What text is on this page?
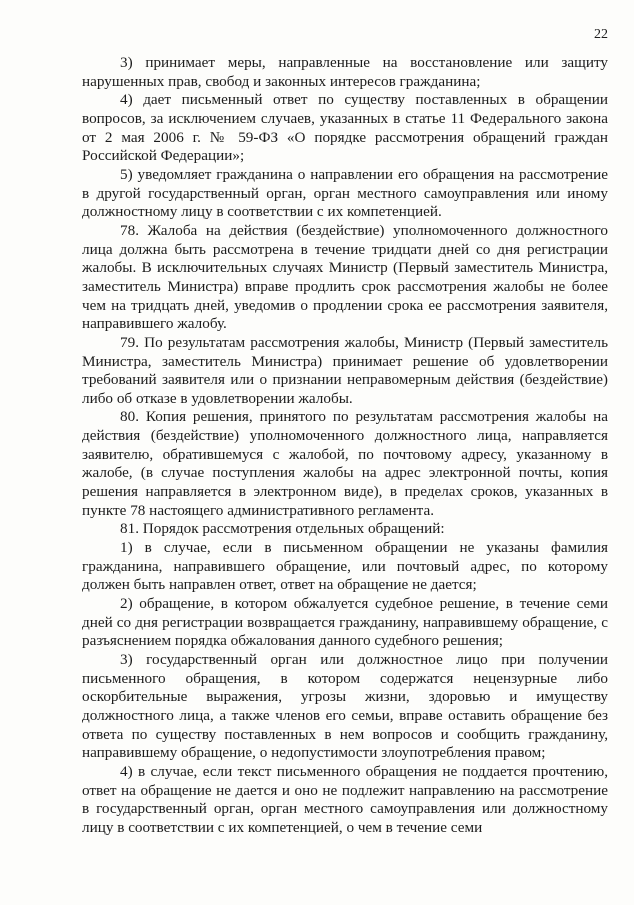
22

3) принимает меры, направленные на восстановление или защиту нарушенных прав, свобод и законных интересов гражданина;

4) дает письменный ответ по существу поставленных в обращении вопросов, за исключением случаев, указанных в статье 11 Федерального закона от 2 мая 2006 г. № 59-ФЗ «О порядке рассмотрения обращений граждан Российской Федерации»;

5) уведомляет гражданина о направлении его обращения на рассмотрение в другой государственный орган, орган местного самоуправления или иному должностному лицу в соответствии с их компетенцией.

78. Жалоба на действия (бездействие) уполномоченного должностного лица должна быть рассмотрена в течение тридцати дней со дня регистрации жалобы. В исключительных случаях Министр (Первый заместитель Министра, заместитель Министра) вправе продлить срок рассмотрения жалобы не более чем на тридцать дней, уведомив о продлении срока ее рассмотрения заявителя, направившего жалобу.

79. По результатам рассмотрения жалобы, Министр (Первый заместитель Министра, заместитель Министра) принимает решение об удовлетворении требований заявителя или о признании неправомерным действия (бездействие) либо об отказе в удовлетворении жалобы.

80. Копия решения, принятого по результатам рассмотрения жалобы на действия (бездействие) уполномоченного должностного лица, направляется заявителю, обратившемуся с жалобой, по почтовому адресу, указанному в жалобе, (в случае поступления жалобы на адрес электронной почты, копия решения направляется в электронном виде), в пределах сроков, указанных в пункте 78 настоящего административного регламента.

81. Порядок рассмотрения отдельных обращений:

1) в случае, если в письменном обращении не указаны фамилия гражданина, направившего обращение, или почтовый адрес, по которому должен быть направлен ответ, ответ на обращение не дается;

2) обращение, в котором обжалуется судебное решение, в течение семи дней со дня регистрации возвращается гражданину, направившему обращение, с разъяснением порядка обжалования данного судебного решения;

3) государственный орган или должностное лицо при получении письменного обращения, в котором содержатся нецензурные либо оскорбительные выражения, угрозы жизни, здоровью и имуществу должностного лица, а также членов его семьи, вправе оставить обращение без ответа по существу поставленных в нем вопросов и сообщить гражданину, направившему обращение, о недопустимости злоупотребления правом;

4) в случае, если текст письменного обращения не поддается прочтению, ответ на обращение не дается и оно не подлежит направлению на рассмотрение в государственный орган, орган местного самоуправления или должностному лицу в соответствии с их компетенцией, о чем в течение семи
